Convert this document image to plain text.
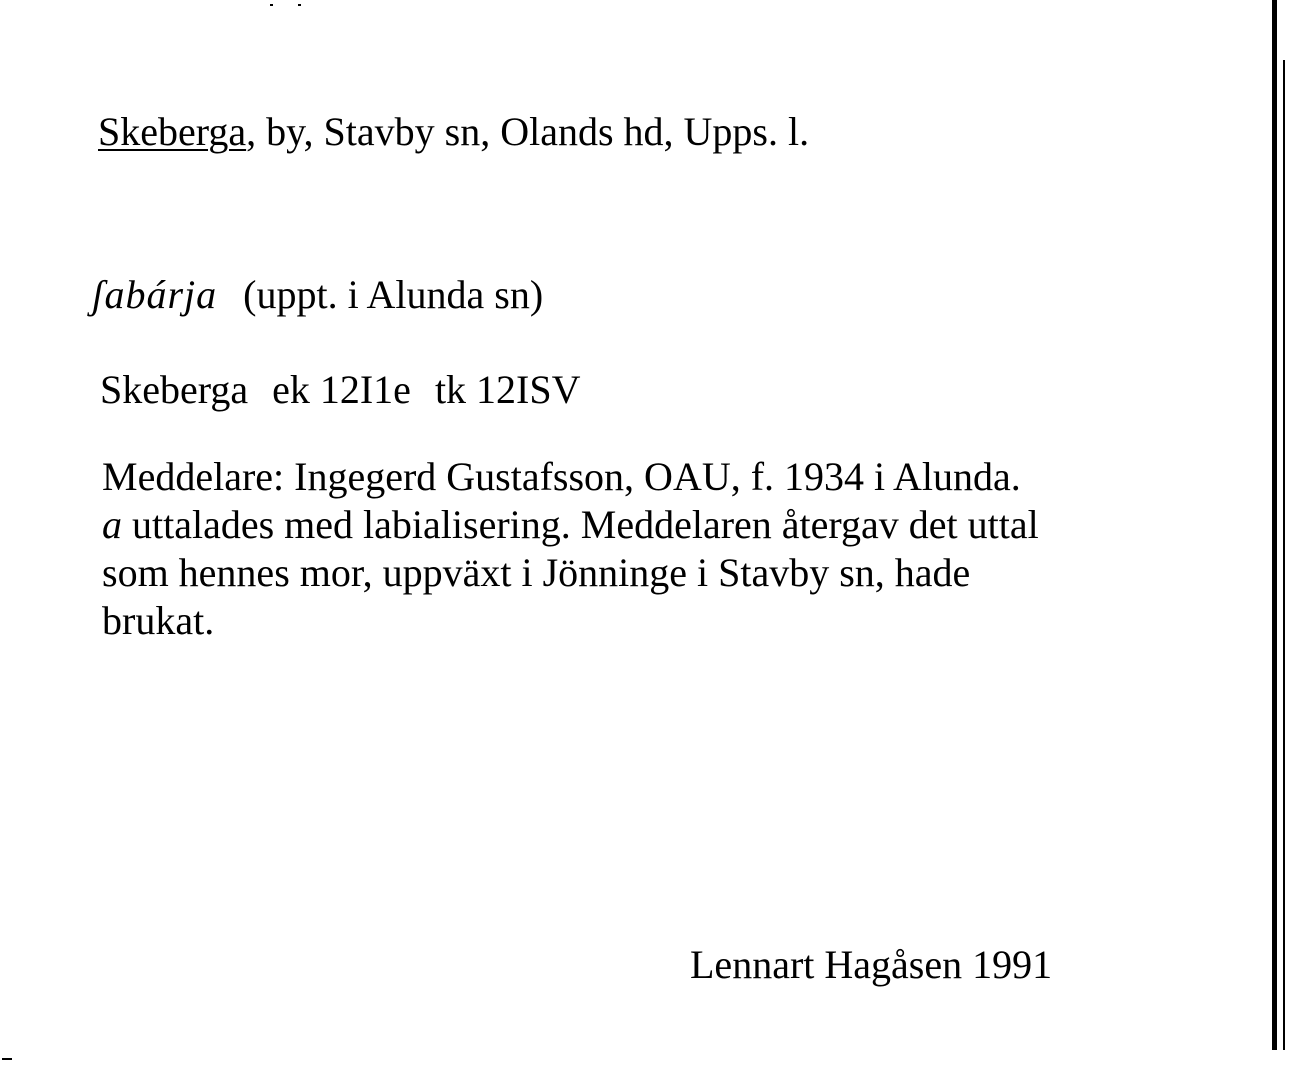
Skeberga, by, Stavby sn, Olands hd, Upps. l.
ʃabárja (uppt. i Alunda sn)
Skeberga ek 12I1e tk 12ISV
Meddelare: Ingegerd Gustafsson, OAU, f. 1934 i Alunda.
a uttalades med labialisering. Meddelaren återgav det uttal
som hennes mor, uppväxt i Jönninge i Stavby sn, hade
brukat.
Lennart Hagåsen 1991
